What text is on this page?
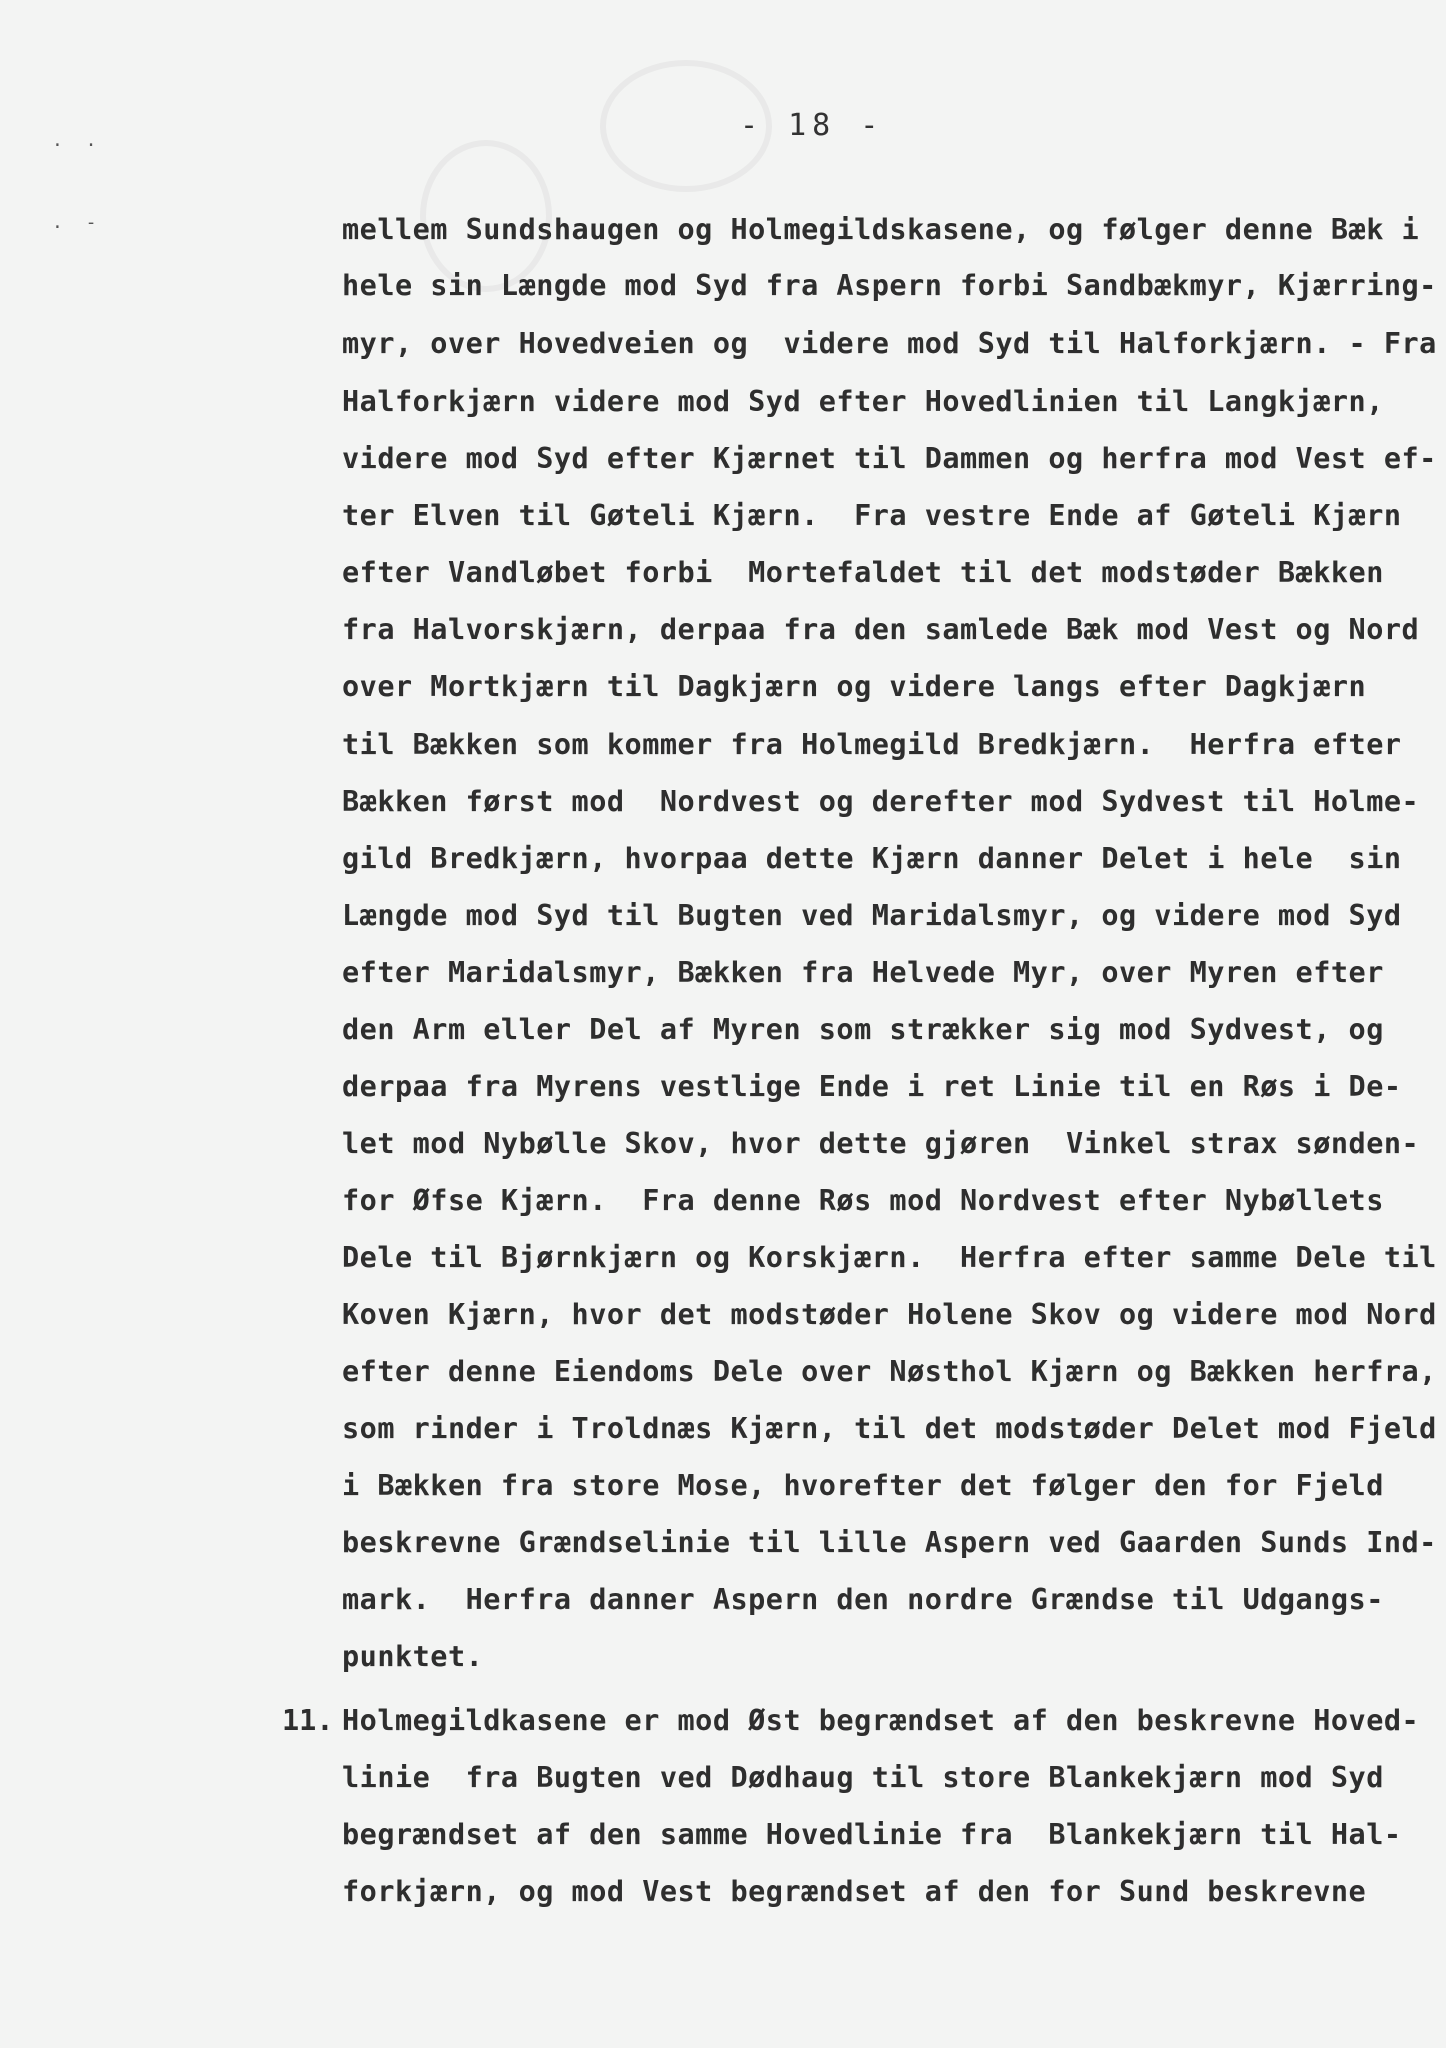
. .
. -
- 18 -
mellem Sundshaugen og Holmegildskasene, og følger denne Bæk i
hele sin Længde mod Syd fra Aspern forbi Sandbækmyr, Kjærring-
myr, over Hovedveien og  videre mod Syd til Halforkjærn. - Fra
Halforkjærn videre mod Syd efter Hovedlinien til Langkjærn,
videre mod Syd efter Kjærnet til Dammen og herfra mod Vest ef-
ter Elven til Gøteli Kjærn.  Fra vestre Ende af Gøteli Kjærn
efter Vandløbet forbi  Mortefaldet til det modstøder Bækken
fra Halvorskjærn, derpaa fra den samlede Bæk mod Vest og Nord
over Mortkjærn til Dagkjærn og videre langs efter Dagkjærn
til Bækken som kommer fra Holmegild Bredkjærn.  Herfra efter
Bækken først mod  Nordvest og derefter mod Sydvest til Holme-
gild Bredkjærn, hvorpaa dette Kjærn danner Delet i hele  sin
Længde mod Syd til Bugten ved Maridalsmyr, og videre mod Syd
efter Maridalsmyr, Bækken fra Helvede Myr, over Myren efter
den Arm eller Del af Myren som strækker sig mod Sydvest, og
derpaa fra Myrens vestlige Ende i ret Linie til en Røs i De-
let mod Nybølle Skov, hvor dette gjøren  Vinkel strax sønden-
for Øfse Kjærn.  Fra denne Røs mod Nordvest efter Nybøllets
Dele til Bjørnkjærn og Korskjærn.  Herfra efter samme Dele til
Koven Kjærn, hvor det modstøder Holene Skov og videre mod Nord
efter denne Eiendoms Dele over Nøsthol Kjærn og Bækken herfra,
som rinder i Troldnæs Kjærn, til det modstøder Delet mod Fjeld
i Bækken fra store Mose, hvorefter det følger den for Fjeld
beskrevne Grændselinie til lille Aspern ved Gaarden Sunds Ind-
mark.  Herfra danner Aspern den nordre Grændse til Udgangs-
punktet.
11. Holmegildkasene er mod Øst begrændset af den beskrevne Hoved-
linie  fra Bugten ved Dødhaug til store Blankekjærn mod Syd
begrændset af den samme Hovedlinie fra  Blankekjærn til Hal-
forkjærn, og mod Vest begrændset af den for Sund beskrevne
